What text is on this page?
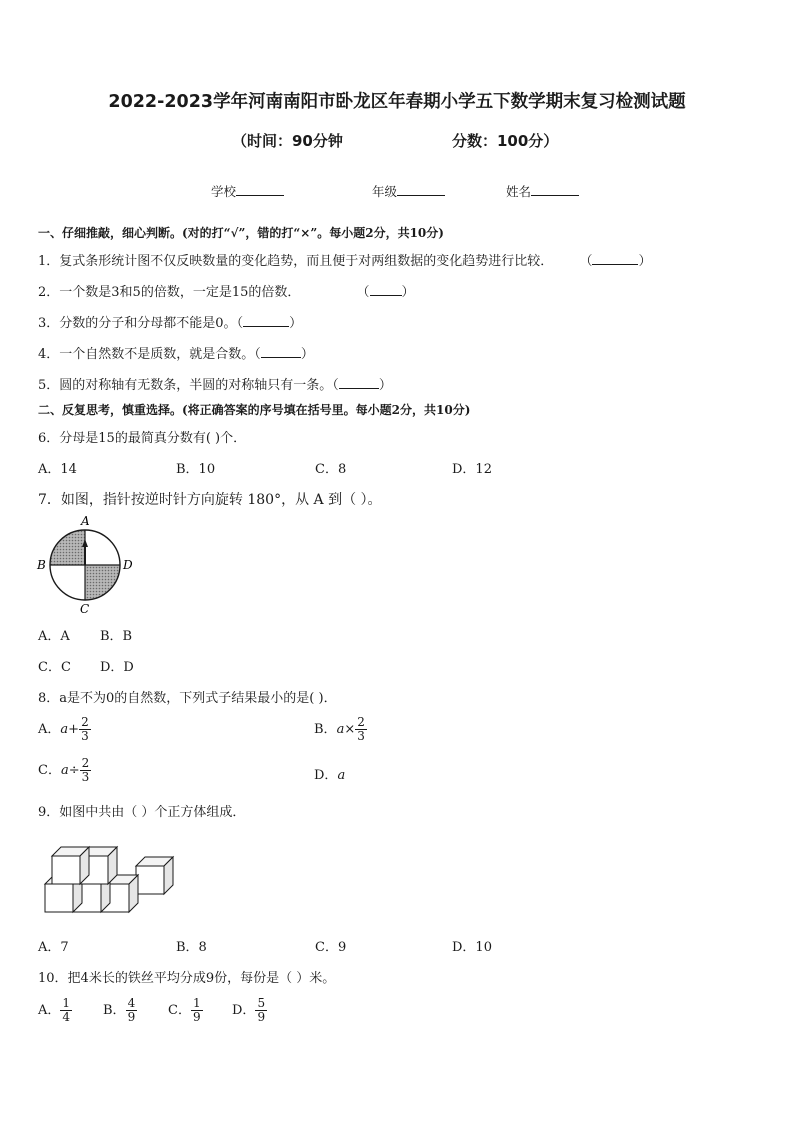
2022-2023学年河南南阳市卧龙区年春期小学五下数学期末复习检测试题
（时间：90分钟	分数：100分）
学校	年级	姓名
一、仔细推敲，细心判断。(对的打“√”，错的打“×”。每小题2分，共10分)
1．复式条形统计图不仅反映数量的变化趋势，而且便于对两组数据的变化趋势进行比较． （	）
2．一个数是3和5的倍数，一定是15的倍数．	（ ）
3．分数的分子和分母都不能是0。（	）
4．一个自然数不是质数，就是合数。（	）
5．圆的对称轴有无数条，半圆的对称轴只有一条。（	）
二、反复思考，慎重选择。(将正确答案的序号填在括号里。每小题2分，共10分)
6．分母是15的最简真分数有( )个．
A．14	B．10	C．8	D．12
7．如图，指针按逆时针方向旋转 180°，从 A 到（ ）。
A
B
C
D
A．A B．B
C．C D．D
8．a是不为0的自然数，下列式子结果最小的是( )．
A．$a+ \frac{2}{3}$	B．$a\times \frac{2}{3}$
C．$a\div \frac{2}{3}$	D．a
9．如图中共由（ ）个正方体组成．
A．7	B．8	C．9	D．10
10．把4米长的铁丝平均分成9份，每份是（ ）米。
A． $\frac{1}{4}$ B． $\frac{4}{9}$ C． $\frac{1}{9}$ D． $\frac{5}{9}$
